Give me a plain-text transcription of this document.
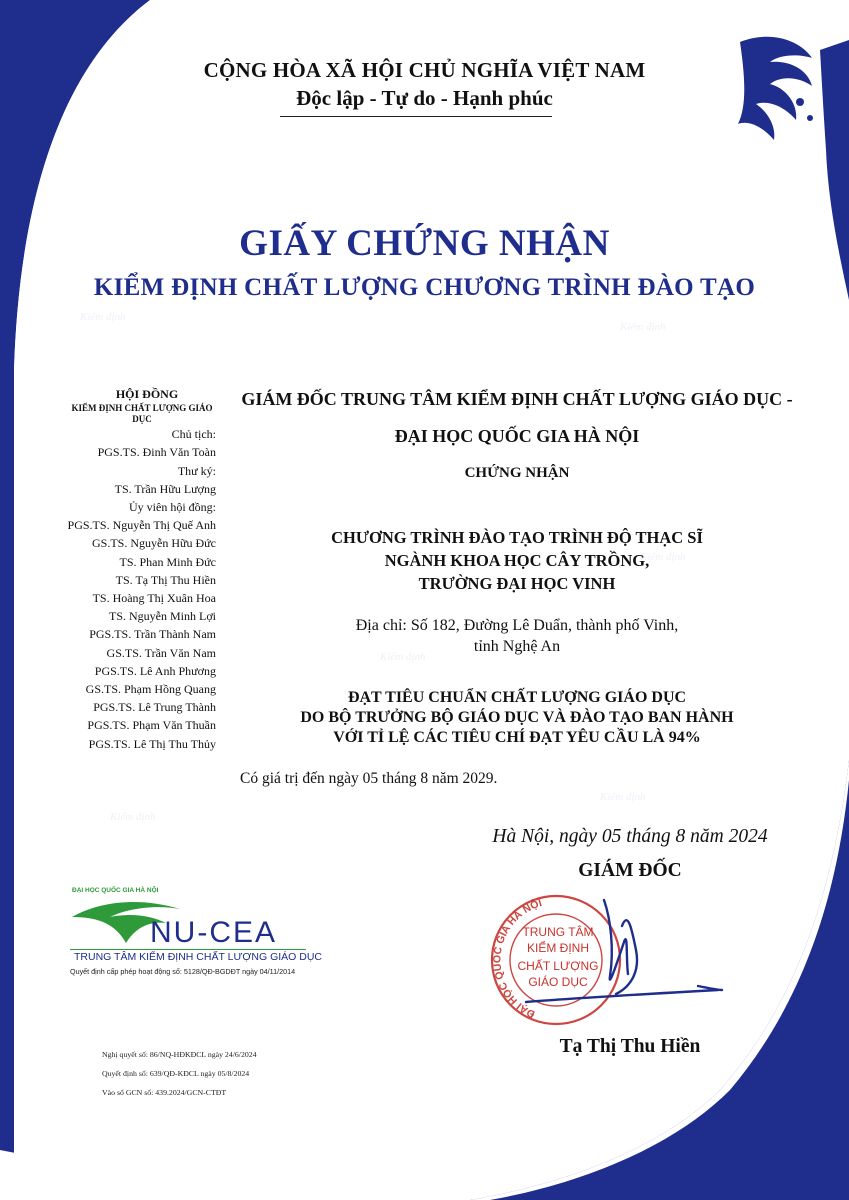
Kiểm định
Kiểm định
Kiểm định
Kiểm định
Kiểm định
Kiểm định
CỘNG HÒA XÃ HỘI CHỦ NGHĨA VIỆT NAM
Độc lập - Tự do - Hạnh phúc
GIẤY CHỨNG NHẬN
KIỂM ĐỊNH CHẤT LƯỢNG CHƯƠNG TRÌNH ĐÀO TẠO
HỘI ĐỒNG
KIỂM ĐỊNH CHẤT LƯỢNG GIÁO DỤC
Chủ tịch:
PGS.TS. Đinh Văn Toàn
Thư ký:
TS. Trần Hữu Lượng
Ủy viên hội đồng:
PGS.TS. Nguyễn Thị Quế Anh
GS.TS. Nguyễn Hữu Đức
TS. Phan Minh Đức
TS. Tạ Thị Thu Hiền
TS. Hoàng Thị Xuân Hoa
TS. Nguyễn Minh Lợi
PGS.TS. Trần Thành Nam
GS.TS. Trần Văn Nam
PGS.TS. Lê Anh Phương
GS.TS. Phạm Hồng Quang
PGS.TS. Lê Trung Thành
PGS.TS. Phạm Văn Thuần
PGS.TS. Lê Thị Thu Thủy
GIÁM ĐỐC TRUNG TÂM KIỂM ĐỊNH CHẤT LƯỢNG GIÁO DỤC -
ĐẠI HỌC QUỐC GIA HÀ NỘI
CHỨNG NHẬN
CHƯƠNG TRÌNH ĐÀO TẠO TRÌNH ĐỘ THẠC SĨ
NGÀNH KHOA HỌC CÂY TRỒNG,
TRƯỜNG ĐẠI HỌC VINH
Địa chỉ: Số 182, Đường Lê Duẩn, thành phố Vinh,
tỉnh Nghệ An
ĐẠT TIÊU CHUẨN CHẤT LƯỢNG GIÁO DỤC
DO BỘ TRƯỞNG BỘ GIÁO DỤC VÀ ĐÀO TẠO BAN HÀNH
VỚI TỈ LỆ CÁC TIÊU CHÍ ĐẠT YÊU CẦU LÀ 94%
Có giá trị đến ngày 05 tháng 8 năm 2029.
Hà Nội, ngày 05 tháng 8 năm 2024
GIÁM ĐỐC
ĐẠI HỌC QUỐC GIA HÀ NỘI
TRUNG TÂM
KIỂM ĐỊNH
CHẤT LƯỢNG
GIÁO DỤC
Tạ Thị Thu Hiền
ĐẠI HỌC QUỐC GIA HÀ NỘI
NU-CEA
TRUNG TÂM KIỂM ĐỊNH CHẤT LƯỢNG GIÁO DỤC
Quyết định cấp phép hoạt động số: 5128/QĐ-BGDĐT ngày 04/11/2014
Nghị quyết số: 86/NQ-HĐKĐCL ngày 24/6/2024
Quyết định số: 639/QĐ-KĐCL ngày 05/8/2024
Vào sổ GCN số: 439.2024/GCN-CTĐT
